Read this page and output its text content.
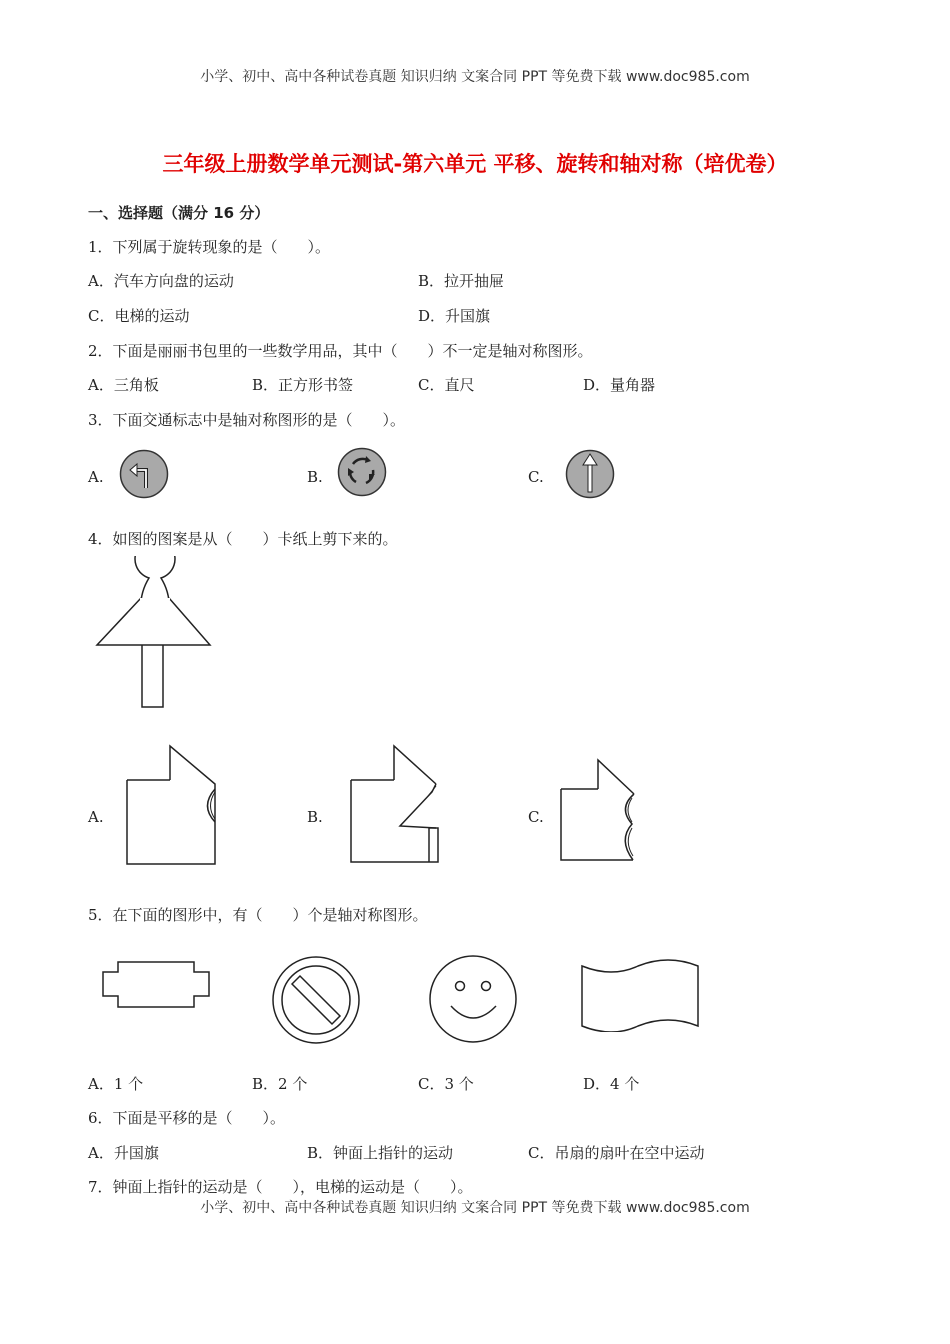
小学、初中、高中各种试卷真题 知识归纳 文案合同 PPT 等免费下载 www.doc985.com
三年级上册数学单元测试-第六单元 平移、旋转和轴对称（培优卷）
一、选择题（满分 16 分）
1．下列属于旋转现象的是（　　）。
A．汽车方向盘的运动	B．拉开抽屉
C．电梯的运动	D．升国旗
2．下面是丽丽书包里的一些数学用品，其中（　　）不一定是轴对称图形。
A．三角板	B．正方形书签	C．直尺	D．量角器
3．下面交通标志中是轴对称图形的是（　　）。
A.	B.	C.
4．如图的图案是从（　　）卡纸上剪下来的。
A.	B.	C.
5．在下面的图形中，有（　　）个是轴对称图形。
A．1 个	B．2 个	C．3 个	D．4 个
6．下面是平移的是（　　）。
A．升国旗	B．钟面上指针的运动	C．吊扇的扇叶在空中运动
7．钟面上指针的运动是（　　），电梯的运动是（　　）。
小学、初中、高中各种试卷真题 知识归纳 文案合同 PPT 等免费下载 www.doc985.com
